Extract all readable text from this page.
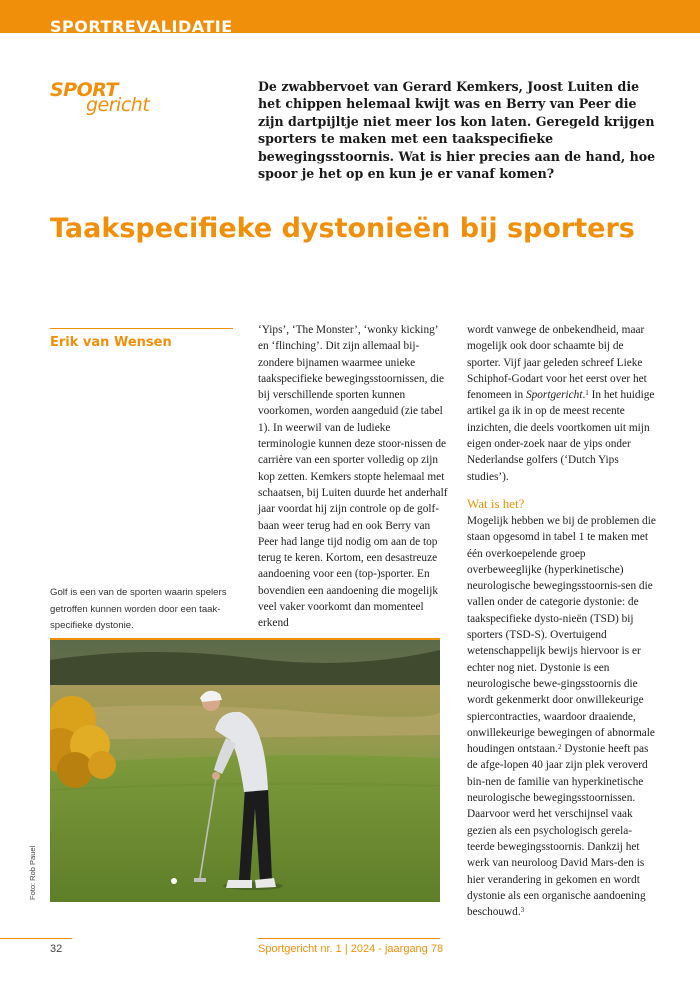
SPORTREVALIDATIE
SPORT
gericht

De zwabbervoet van Gerard Kemkers, Joost Luiten die het chippen helemaal kwijt was en Berry van Peer die zijn dartpijltje niet meer los kon laten. Geregeld krijgen sporters te maken met een taakspecifieke bewegingsstoornis. Wat is hier precies aan de hand, hoe spoor je het op en kun je er vanaf komen?

Taakspecifieke dystonieën bij sporters
Erik van Wensen

Golf is een van de sporten waarin spelers getroffen kunnen worden door een taak-specifieke dystonie.

‘Yips’, ‘The Monster’, ‘wonky kicking’ en ‘flinching’. Dit zijn allemaal bij-zondere bijnamen waarmee unieke taakspecifieke bewegingsstoornissen, die bij verschillende sporten kunnen voorkomen, worden aangeduid (zie tabel 1). In weerwil van de ludieke terminologie kunnen deze stoor-nissen de carrière van een sporter volledig op zijn kop zetten. Kemkers stopte helemaal met schaatsen, bij Luiten duurde het anderhalf jaar voordat hij zijn controle op de golf-baan weer terug had en ook Berry van Peer had lange tijd nodig om aan de top terug te keren. Kortom, een desastreuze aandoening voor een (top-)sporter. En bovendien een aandoening die mogelijk veel vaker voorkomt dan momenteel erkend

wordt vanwege de onbekendheid, maar mogelijk ook door schaamte bij de sporter. Vijf jaar geleden schreef Lieke Schiphof-Godart voor het eerst over het fenomeen in Sportgericht.$^1$ In het huidige artikel ga ik in op de meest recente inzichten, die deels voortkomen uit mijn eigen onder-zoek naar de yips onder Nederlandse golfers (‘Dutch Yips studies’).

Wat is het?

Mogelijk hebben we bij de problemen die staan opgesomd in tabel 1 te maken met één overkoepelende groep overbeweeglijke (hyperkinetische) neurologische bewegingsstoornis-sen die vallen onder de categorie dystonie: de taakspecifieke dysto-nieën (TSD) bij sporters (TSD-S). Overtuigend wetenschappelijk bewijs hiervoor is er echter nog niet. Dystonie is een neurologische bewe-gingsstoornis die wordt gekenmerkt door onwillekeurige spiercontracties, waardoor draaiende, onwillekeurige bewegingen of abnormale houdingen ontstaan.$^2$ Dystonie heeft pas de afge-lopen 40 jaar zijn plek veroverd bin-nen de familie van hyperkinetische neurologische bewegingsstoornissen. Daarvoor werd het verschijnsel vaak gezien als een psychologisch gerela-teerde bewegingsstoornis. Dankzij het werk van neuroloog David Mars-den is hier verandering in gekomen en wordt dystonie als een organische aandoening beschouwd.$^3$

Foto: Rob Pauel
32	Sportgericht nr. 1 | 2024 - jaargang 78
